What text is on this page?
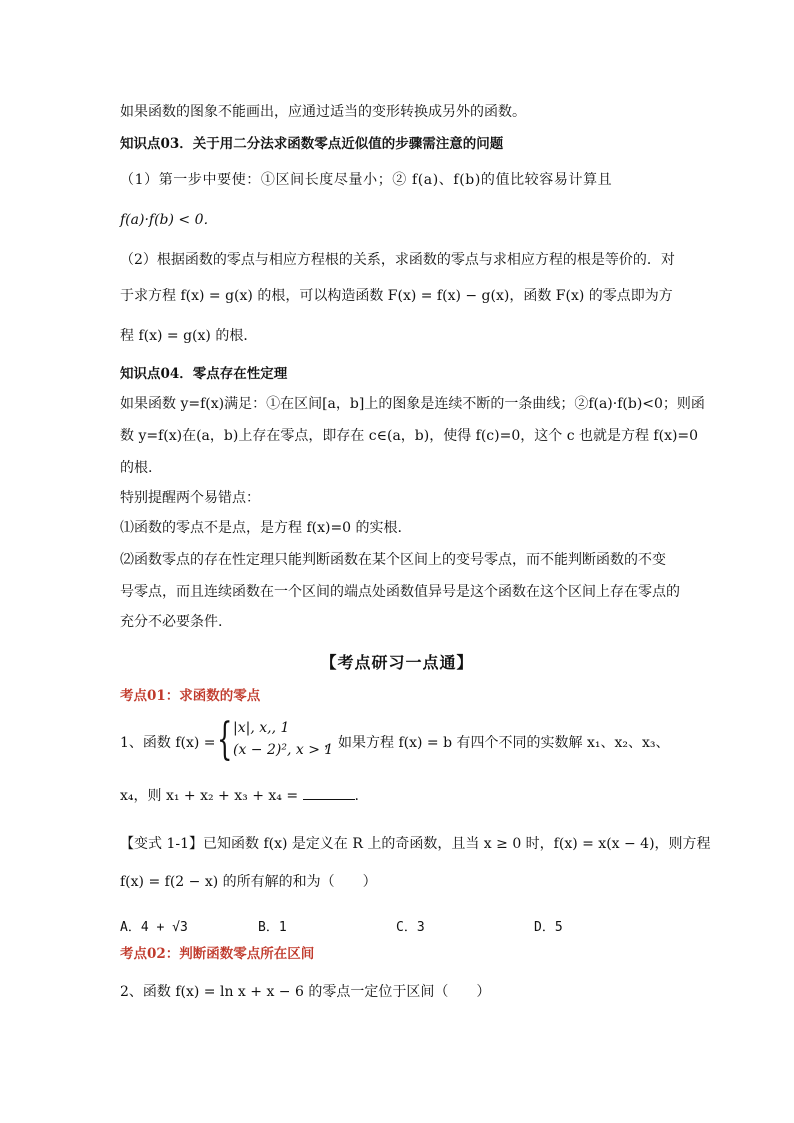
如果函数的图象不能画出，应通过适当的变形转换成另外的函数。
知识点03．关于用二分法求函数零点近似值的步骤需注意的问题
（1）第一步中要使：①区间长度尽量小；② f(a)、f(b)的值比较容易计算且
f(a)·f(b) < 0．
（2）根据函数的零点与相应方程根的关系，求函数的零点与求相应方程的根是等价的．对
于求方程 f(x) = g(x) 的根，可以构造函数 F(x) = f(x) − g(x)，函数 F(x) 的零点即为方
程 f(x) = g(x) 的根．
知识点04．零点存在性定理
如果函数 y=f(x)满足：①在区间[a，b]上的图象是连续不断的一条曲线；②f(a)·f(b)<0；则函
数 y=f(x)在(a，b)上存在零点，即存在 c∈(a，b)，使得 f(c)=0，这个 c 也就是方程 f(x)=0
的根.
特别提醒两个易错点：
⑴函数的零点不是点，是方程 f(x)=0 的实根.
⑵函数零点的存在性定理只能判断函数在某个区间上的变号零点，而不能判断函数的不变
号零点，而且连续函数在一个区间的端点处函数值异号是这个函数在这个区间上存在零点的
充分不必要条件.
【考点研习一点通】
考点01：求函数的零点
1、函数 f(x) = { |x|, x,, 1
(x − 2)², x > 1
，如果方程 f(x) = b 有四个不同的实数解 x₁、x₂、x₃、
x₄，则 x₁ + x₂ + x₃ + x₄ =	.
【变式 1-1】已知函数 f(x) 是定义在 R 上的奇函数，且当 x ≥ 0 时，f(x) = x(x − 4)，则方程
f(x) = f(2 − x) 的所有解的和为（　　）
A．4 + √3	B．1	C．3	D．5
考点02：判断函数零点所在区间
2、函数 f(x) = ln x + x − 6 的零点一定位于区间（　　）
